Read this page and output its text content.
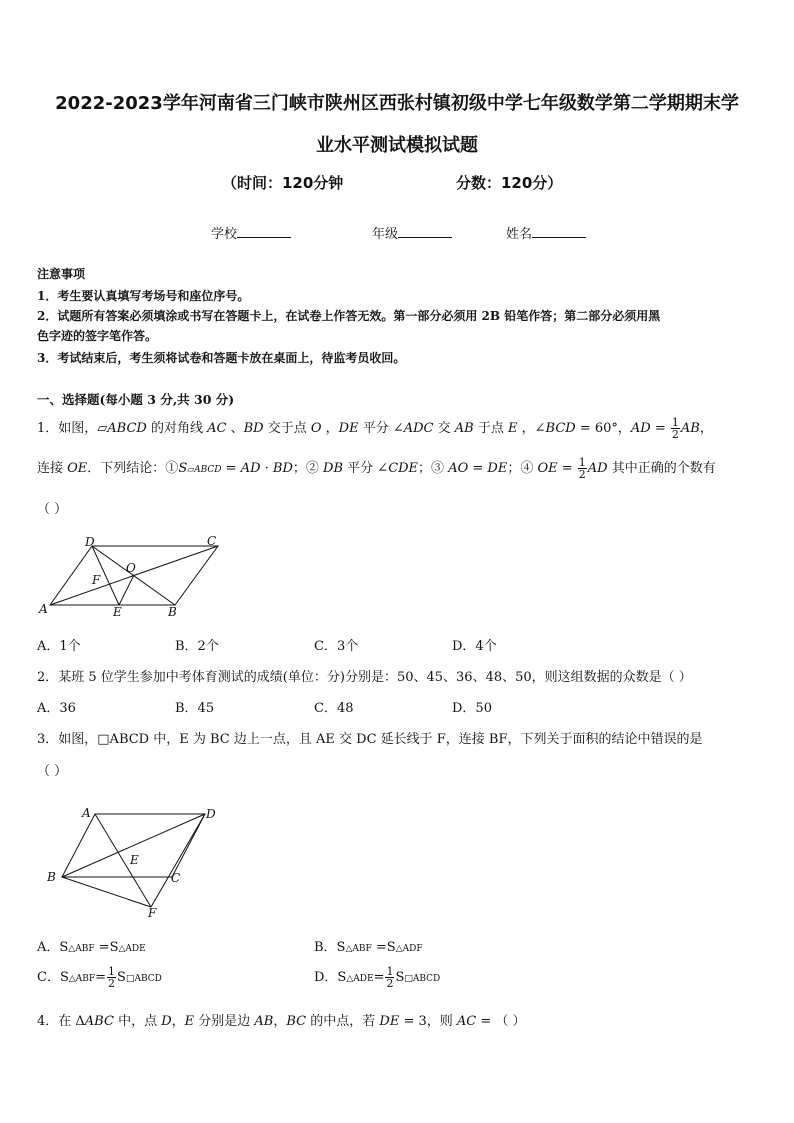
2022-2023学年河南省三门峡市陕州区西张村镇初级中学七年级数学第二学期期末学
业水平测试模拟试题
（时间：120分钟	分数：120分）
学校	年级	姓名
注意事项
1．考生要认真填写考场号和座位序号。
2．试题所有答案必须填涂或书写在答题卡上，在试卷上作答无效。第一部分必须用 2B 铅笔作答；第二部分必须用黑
色字迹的签字笔作答。
3．考试结束后，考生须将试卷和答题卡放在桌面上，待监考员收回。
一、选择题(每小题 3 分,共 30 分)
1．如图，▱ABCD 的对角线 AC 、BD 交于点 O ，DE 平分 ∠ADC 交 AB 于点 E ，∠BCD = 60°，AD = $\frac{1}{2}$ AB，
连接 OE．下列结论：①S▱ABCD = AD · BD；② DB 平分 ∠CDE；③ AO = DE；④ OE = $\frac{1}{2}$ AD 其中正确的个数有
（ ）
D	C
O
F
A	E	B
A．1个	B．2个	C．3个	D．4个
2．某班 5 位学生参加中考体育测试的成绩(单位：分)分别是：50、45、36、48、50，则这组数据的众数是（ ）
A．36	B．45	C．48	D．50
3．如图，□ABCD 中，E 为 BC 边上一点，且 AE 交 DC 延长线于 F，连接 BF，下列关于面积的结论中错误的是
（ ）
A	D
E
B	C
F
A．S△ABF =S△ADE	B．S△ABF =S△ADF
C．S△ABF= $\frac{1}{2}$ S□ABCD	D．S△ADE= $\frac{1}{2}$ S□ABCD
4．在 ΔABC 中，点 D，E 分别是边 AB，BC 的中点，若 DE = 3，则 AC = （ ）
